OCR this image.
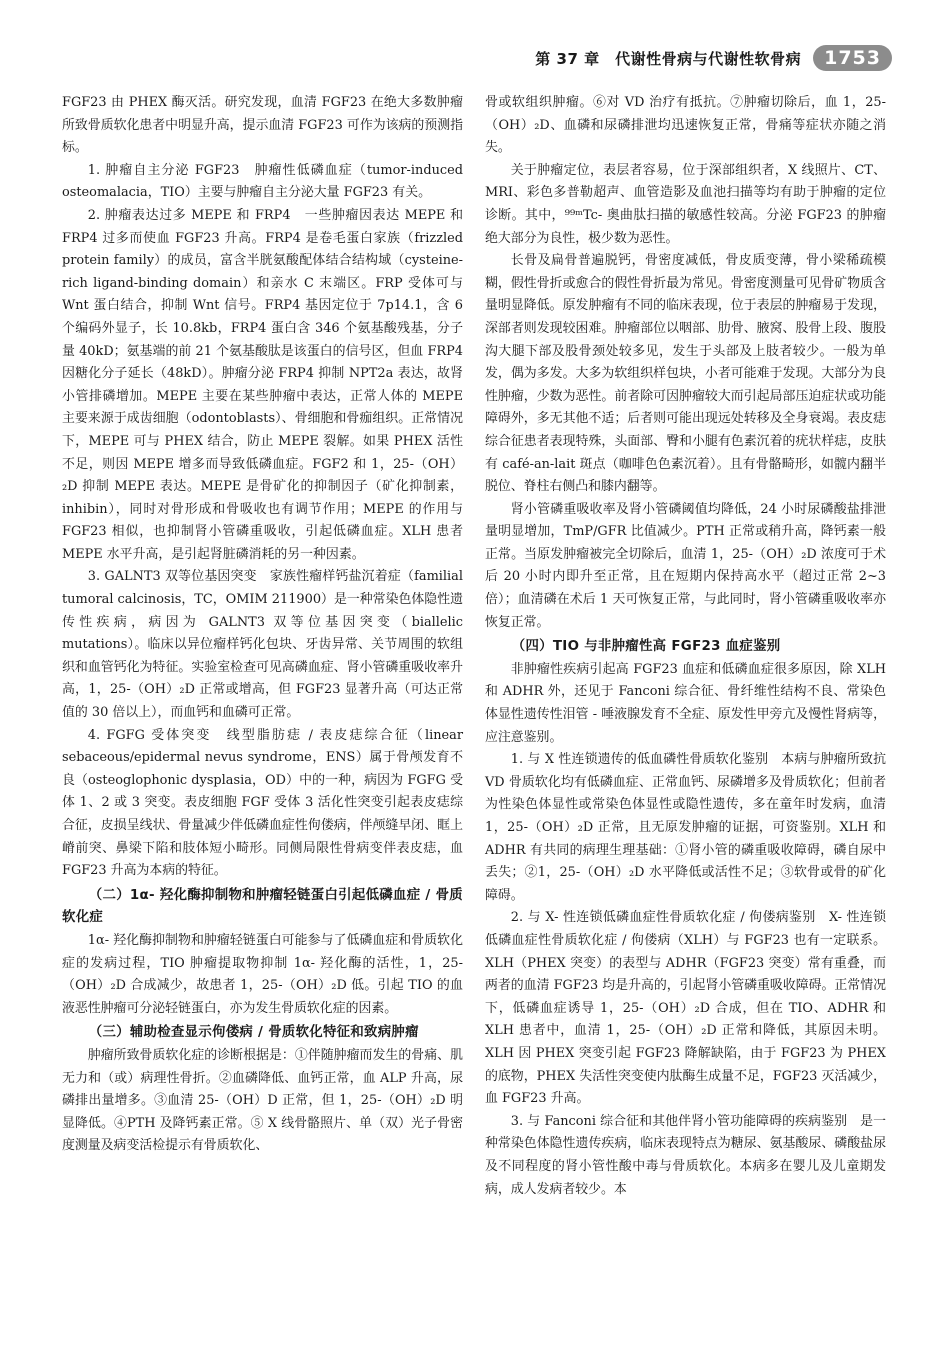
第 37 章　代谢性骨病与代谢性软骨病	1753

FGF23 由 PHEX 酶灭活。研究发现，血清 FGF23 在绝大多数肿瘤所致骨质软化患者中明显升高，提示血清 FGF23 可作为该病的预测指标。

1. 肿瘤自主分泌 FGF23　肿瘤性低磷血症（tumor-induced osteomalacia，TIO）主要与肿瘤自主分泌大量 FGF23 有关。

2. 肿瘤表达过多 MEPE 和 FRP4　一些肿瘤因表达 MEPE 和 FRP4 过多而使血 FGF23 升高。FRP4 是卷毛蛋白家族（frizzled protein family）的成员，富含半胱氨酸配体结合结构域（cysteine-rich ligand-binding domain）和亲水 C 末端区。FRP 受体可与 Wnt 蛋白结合，抑制 Wnt 信号。FRP4 基因定位于 7p14.1，含 6 个编码外显子，长 10.8kb，FRP4 蛋白含 346 个氨基酸残基，分子量 40kD；氨基端的前 21 个氨基酸肽是该蛋白的信号区，但血 FRP4 因糖化分子延长（48kD）。肿瘤分泌 FRP4 抑制 NPT2a 表达，故肾小管排磷增加。MEPE 主要在某些肿瘤中表达，正常人体的 MEPE 主要来源于成齿细胞（odontoblasts）、骨细胞和骨痂组织。正常情况下，MEPE 可与 PHEX 结合，防止 MEPE 裂解。如果 PHEX 活性不足，则因 MEPE 增多而导致低磷血症。FGF2 和 1，25-（OH）₂D 抑制 MEPE 表达。MEPE 是骨矿化的抑制因子（矿化抑制素，inhibin），同时对骨形成和骨吸收也有调节作用；MEPE 的作用与 FGF23 相似，也抑制肾小管磷重吸收，引起低磷血症。XLH 患者 MEPE 水平升高，是引起肾脏磷消耗的另一种因素。

3. GALNT3 双等位基因突变　家族性瘤样钙盐沉着症（familial tumoral calcinosis，TC，OMIM 211900）是一种常染色体隐性遗传性疾病，病因为 GALNT3 双等位基因突变（biallelic mutations）。临床以异位瘤样钙化包块、牙齿异常、关节周围的软组织和血管钙化为特征。实验室检查可见高磷血症、肾小管磷重吸收率升高，1，25-（OH）₂D 正常或增高，但 FGF23 显著升高（可达正常值的 30 倍以上），而血钙和血磷可正常。

4. FGFG 受体突变　线型脂肪痣 / 表皮痣综合征（linear sebaceous/epidermal nevus syndrome，ENS）属于骨颅发育不良（osteoglophonic dysplasia，OD）中的一种，病因为 FGFG 受体 1、2 或 3 突变。表皮细胞 FGF 受体 3 活化性突变引起表皮痣综合征，皮损呈线状、骨量减少伴低磷血症性佝偻病，伴颅缝早闭、眶上嵴前突、鼻梁下陷和肢体短小畸形。同侧局限性骨病变伴表皮痣，血 FGF23 升高为本病的特征。

（二）1α- 羟化酶抑制物和肿瘤轻链蛋白引起低磷血症 / 骨质软化症

1α- 羟化酶抑制物和肿瘤轻链蛋白可能参与了低磷血症和骨质软化症的发病过程，TIO 肿瘤提取物抑制 1α- 羟化酶的活性，1，25-（OH）₂D 合成减少，故患者 1，25-（OH）₂D 低。引起 TIO 的血液恶性肿瘤可分泌轻链蛋白，亦为发生骨质软化症的因素。

（三）辅助检查显示佝偻病 / 骨质软化特征和致病肿瘤

肿瘤所致骨质软化症的诊断根据是：①伴随肿瘤而发生的骨痛、肌无力和（或）病理性骨折。②血磷降低、血钙正常，血 ALP 升高，尿磷排出量增多。③血清 25-（OH）D 正常，但 1，25-（OH）₂D 明显降低。④PTH 及降钙素正常。⑤ X 线骨骼照片、单（双）光子骨密度测量及病变活检提示有骨质软化、

骨或软组织肿瘤。⑥对 VD 治疗有抵抗。⑦肿瘤切除后，血 1，25-（OH）₂D、血磷和尿磷排泄均迅速恢复正常，骨痛等症状亦随之消失。

关于肿瘤定位，表层者容易，位于深部组织者，X 线照片、CT、MRI、彩色多普勒超声、血管造影及血池扫描等均有助于肿瘤的定位诊断。其中，⁹⁹ᵐTc- 奥曲肽扫描的敏感性较高。分泌 FGF23 的肿瘤绝大部分为良性，极少数为恶性。

长骨及扁骨普遍脱钙，骨密度减低，骨皮质变薄，骨小梁稀疏模糊，假性骨折或愈合的假性骨折最为常见。骨密度测量可见骨矿物质含量明显降低。原发肿瘤有不同的临床表现，位于表层的肿瘤易于发现，深部者则发现较困难。肿瘤部位以咽部、肋骨、腋窝、股骨上段、腹股沟大腿下部及股骨颈处较多见，发生于头部及上肢者较少。一般为单发，偶为多发。大多为软组织样包块，小者可能难于发现。大部分为良性肿瘤，少数为恶性。前者除可因肿瘤较大而引起局部压迫症状或功能障碍外，多无其他不适；后者则可能出现远处转移及全身衰竭。表皮痣综合征患者表现特殊，头面部、臀和小腿有色素沉着的疣状样痣，皮肤有 café-an-lait 斑点（咖啡色色素沉着）。且有骨骼畸形，如髋内翻半脱位、脊柱右侧凸和膝内翻等。

肾小管磷重吸收率及肾小管磷阈值均降低，24 小时尿磷酸盐排泄量明显增加，TmP/GFR 比值减少。PTH 正常或稍升高，降钙素一般正常。当原发肿瘤被完全切除后，血清 1，25-（OH）₂D 浓度可于术后 20 小时内即升至正常，且在短期内保持高水平（超过正常 2~3 倍）；血清磷在术后 1 天可恢复正常，与此同时，肾小管磷重吸收率亦恢复正常。

（四）TIO 与非肿瘤性高 FGF23 血症鉴别

非肿瘤性疾病引起高 FGF23 血症和低磷血症很多原因，除 XLH 和 ADHR 外，还见于 Fanconi 综合征、骨纤维性结构不良、常染色体显性遗传性泪管 - 唾液腺发育不全症、原发性甲旁亢及慢性肾病等，应注意鉴别。

1. 与 X 性连锁遗传的低血磷性骨质软化鉴别　本病与肿瘤所致抗 VD 骨质软化均有低磷血症、正常血钙、尿磷增多及骨质软化；但前者为性染色体显性或常染色体显性或隐性遗传，多在童年时发病，血清 1，25-（OH）₂D 正常，且无原发肿瘤的证据，可资鉴别。XLH 和 ADHR 有共同的病理生理基础：①肾小管的磷重吸收障碍，磷自尿中丢失；②1，25-（OH）₂D 水平降低或活性不足；③软骨或骨的矿化障碍。

2. 与 X- 性连锁低磷血症性骨质软化症 / 佝偻病鉴别　X- 性连锁低磷血症性骨质软化症 / 佝偻病（XLH）与 FGF23 也有一定联系。XLH（PHEX 突变）的表型与 ADHR（FGF23 突变）常有重叠，而两者的血清 FGF23 均是升高的，引起肾小管磷重吸收障碍。正常情况下，低磷血症诱导 1，25-（OH）₂D 合成，但在 TIO、ADHR 和 XLH 患者中，血清 1，25-（OH）₂D 正常和降低，其原因未明。XLH 因 PHEX 突变引起 FGF23 降解缺陷，由于 FGF23 为 PHEX 的底物，PHEX 失活性突变使内肽酶生成量不足，FGF23 灭活减少，血 FGF23 升高。

3. 与 Fanconi 综合征和其他伴肾小管功能障碍的疾病鉴别　是一种常染色体隐性遗传疾病，临床表现特点为糖尿、氨基酸尿、磷酸盐尿及不同程度的肾小管性酸中毒与骨质软化。本病多在婴儿及儿童期发病，成人发病者较少。本
